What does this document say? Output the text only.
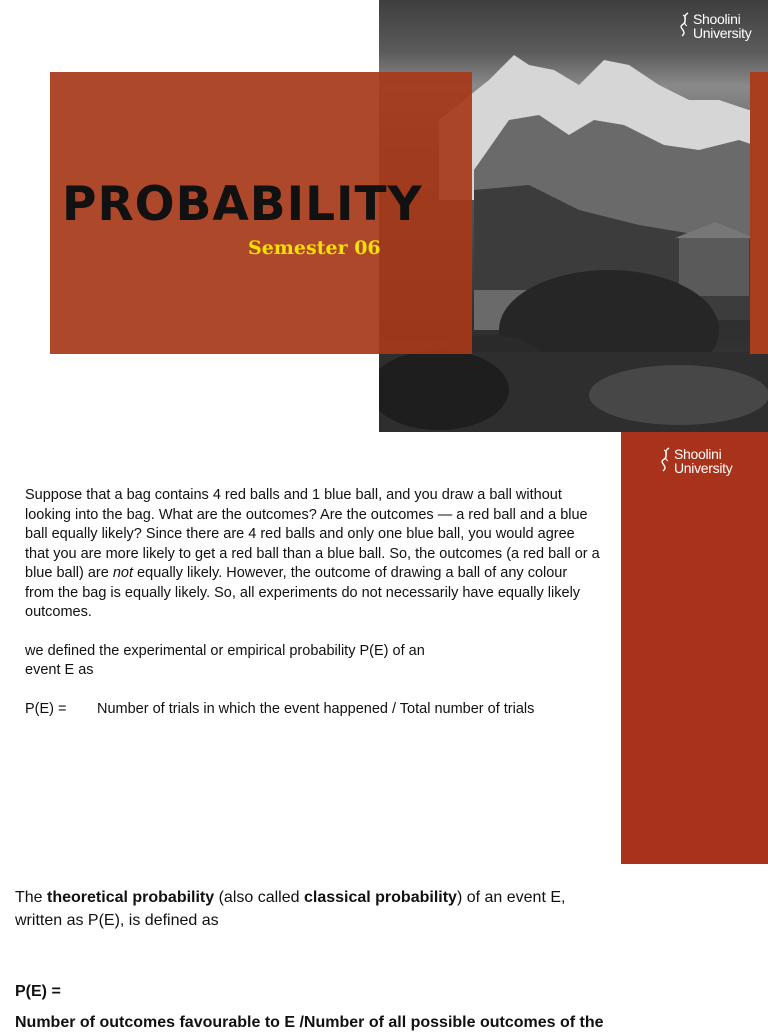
PROBABILITY
Semester 06
Shoolini
University
Shoolini
University

Suppose that a bag contains 4 red balls and 1 blue ball, and you draw a ball without looking into the bag. What are the outcomes? Are the outcomes — a red ball and a blue ball equally likely? Since there are 4 red balls and only one blue ball, you would agree that you are more likely to get a red ball than a blue ball. So, the outcomes (a red ball or a blue ball) are not equally likely. However, the outcome of drawing a ball of any colour from the bag is equally likely. So, all experiments do not necessarily have equally likely outcomes.

we defined the experimental or empirical probability P(E) of an
event E as

P(E) = Number of trials in which the event happened / Total number of trials

The theoretical probability (also called classical probability) of an event E,
written as P(E), is defined as

P(E) =

Number of outcomes favourable to E /Number of all possible outcomes of the
